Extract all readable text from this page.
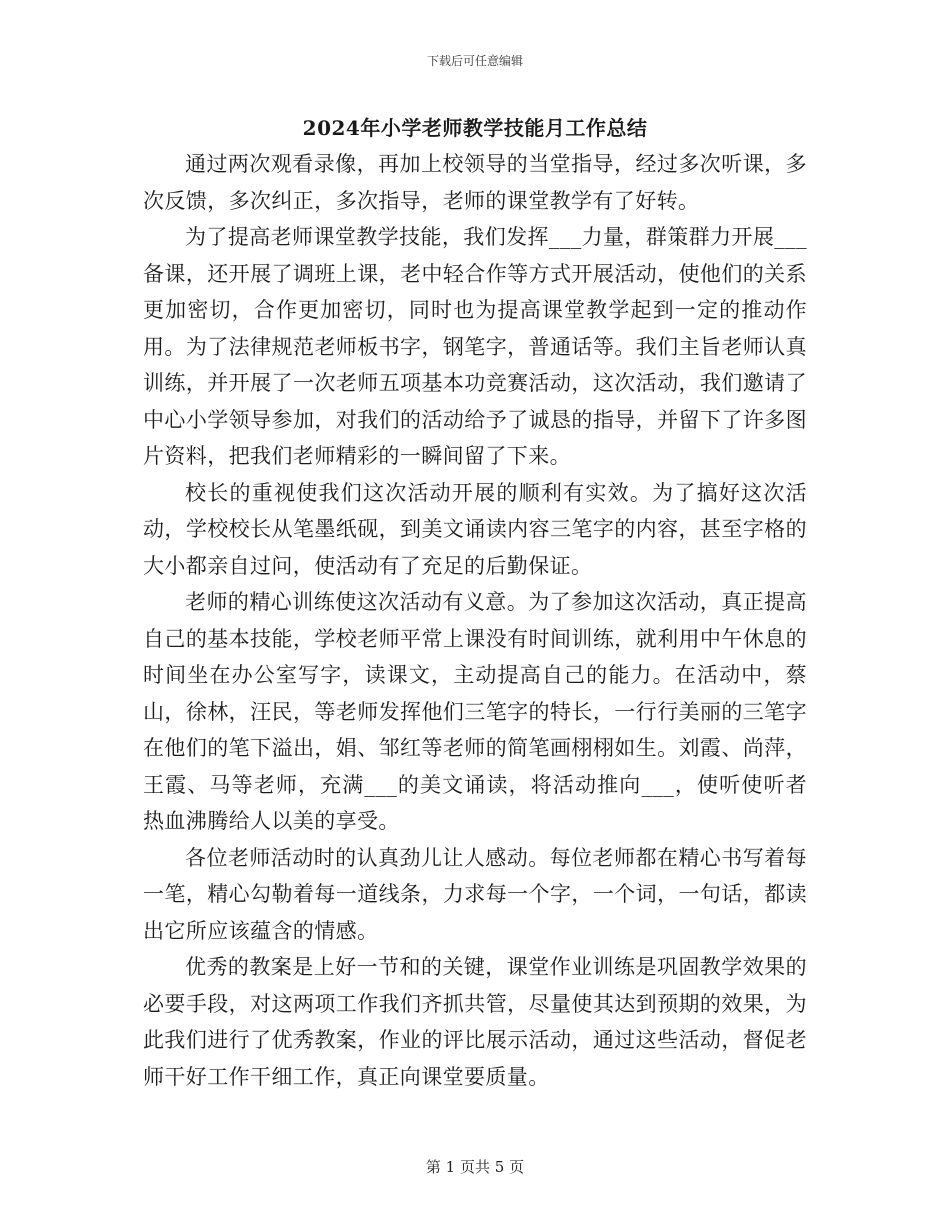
下载后可任意编辑
2024年小学老师教学技能月工作总结

通过两次观看录像，再加上校领导的当堂指导，经过多次听课，多次反馈，多次纠正，多次指导，老师的课堂教学有了好转。

为了提高老师课堂教学技能，我们发挥___力量，群策群力开展___备课，还开展了调班上课，老中轻合作等方式开展活动，使他们的关系更加密切，合作更加密切，同时也为提高课堂教学起到一定的推动作用。为了法律规范老师板书字，钢笔字，普通话等。我们主旨老师认真训练，并开展了一次老师五项基本功竞赛活动，这次活动，我们邀请了中心小学领导参加，对我们的活动给予了诚恳的指导，并留下了许多图片资料，把我们老师精彩的一瞬间留了下来。

校长的重视使我们这次活动开展的顺利有实效。为了搞好这次活动，学校校长从笔墨纸砚，到美文诵读内容三笔字的内容，甚至字格的大小都亲自过问，使活动有了充足的后勤保证。

老师的精心训练使这次活动有义意。为了参加这次活动，真正提高自己的基本技能，学校老师平常上课没有时间训练，就利用中午休息的时间坐在办公室写字，读课文，主动提高自己的能力。在活动中，蔡山，徐林，汪民，等老师发挥他们三笔字的特长，一行行美丽的三笔字在他们的笔下溢出，娟、邹红等老师的简笔画栩栩如生。刘霞、尚萍，王霞、马等老师，充满___的美文诵读，将活动推向___，使听使听者热血沸腾给人以美的享受。

各位老师活动时的认真劲儿让人感动。每位老师都在精心书写着每一笔，精心勾勒着每一道线条，力求每一个字，一个词，一句话，都读出它所应该蕴含的情感。

优秀的教案是上好一节和的关键，课堂作业训练是巩固教学效果的必要手段，对这两项工作我们齐抓共管，尽量使其达到预期的效果，为此我们进行了优秀教案，作业的评比展示活动，通过这些活动，督促老师干好工作干细工作，真正向课堂要质量。

第 1 页共 5 页
